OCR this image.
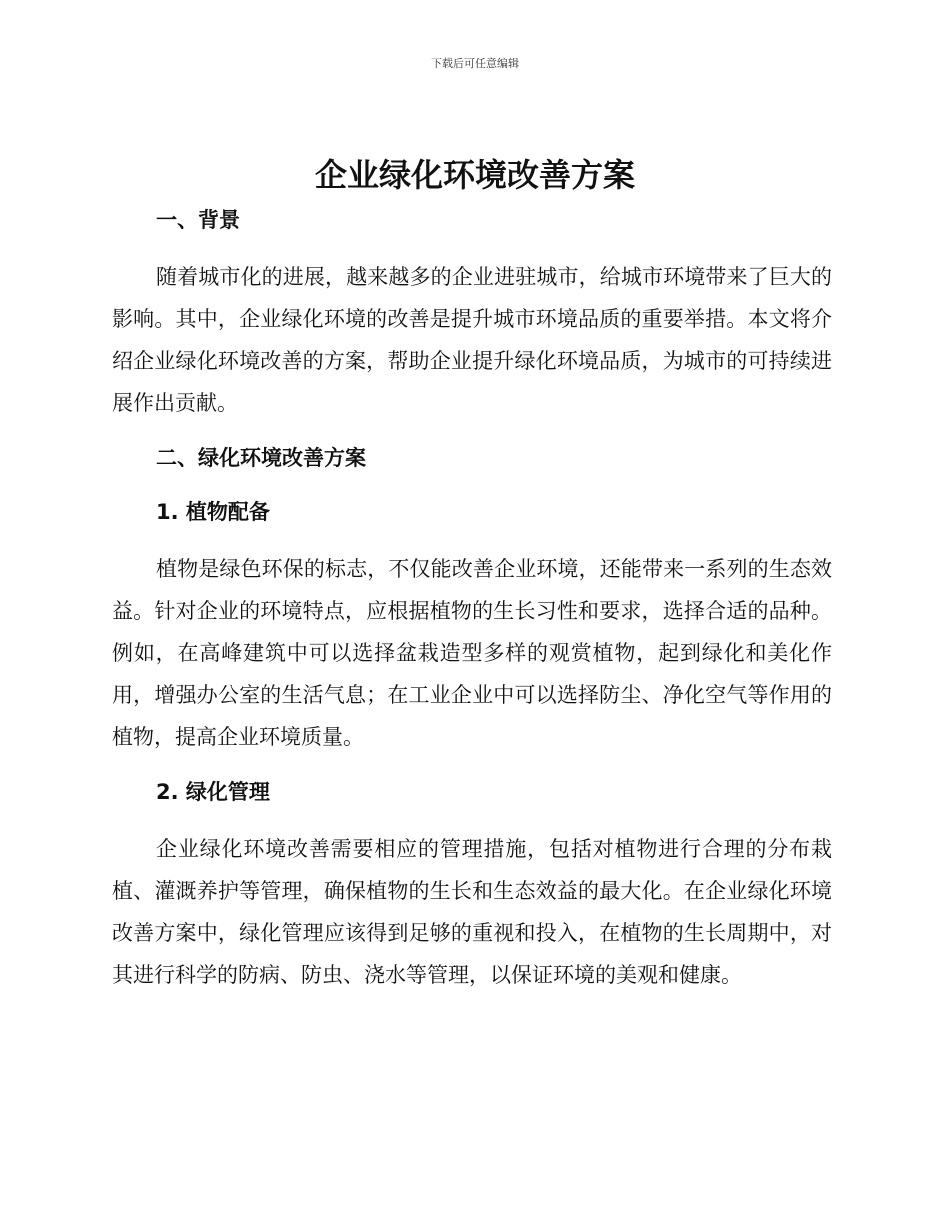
下载后可任意编辑
企业绿化环境改善方案
一、背景

随着城市化的进展，越来越多的企业进驻城市，给城市环境带来了巨大的影响。其中，企业绿化环境的改善是提升城市环境品质的重要举措。本文将介绍企业绿化环境改善的方案，帮助企业提升绿化环境品质，为城市的可持续进展作出贡献。

二、绿化环境改善方案
1. 植物配备

植物是绿色环保的标志，不仅能改善企业环境，还能带来一系列的生态效益。针对企业的环境特点，应根据植物的生长习性和要求，选择合适的品种。例如，在高峰建筑中可以选择盆栽造型多样的观赏植物，起到绿化和美化作用，增强办公室的生活气息；在工业企业中可以选择防尘、净化空气等作用的植物，提高企业环境质量。

2. 绿化管理

企业绿化环境改善需要相应的管理措施，包括对植物进行合理的分布栽植、灌溉养护等管理，确保植物的生长和生态效益的最大化。在企业绿化环境改善方案中，绿化管理应该得到足够的重视和投入，在植物的生长周期中，对其进行科学的防病、防虫、浇水等管理，以保证环境的美观和健康。
